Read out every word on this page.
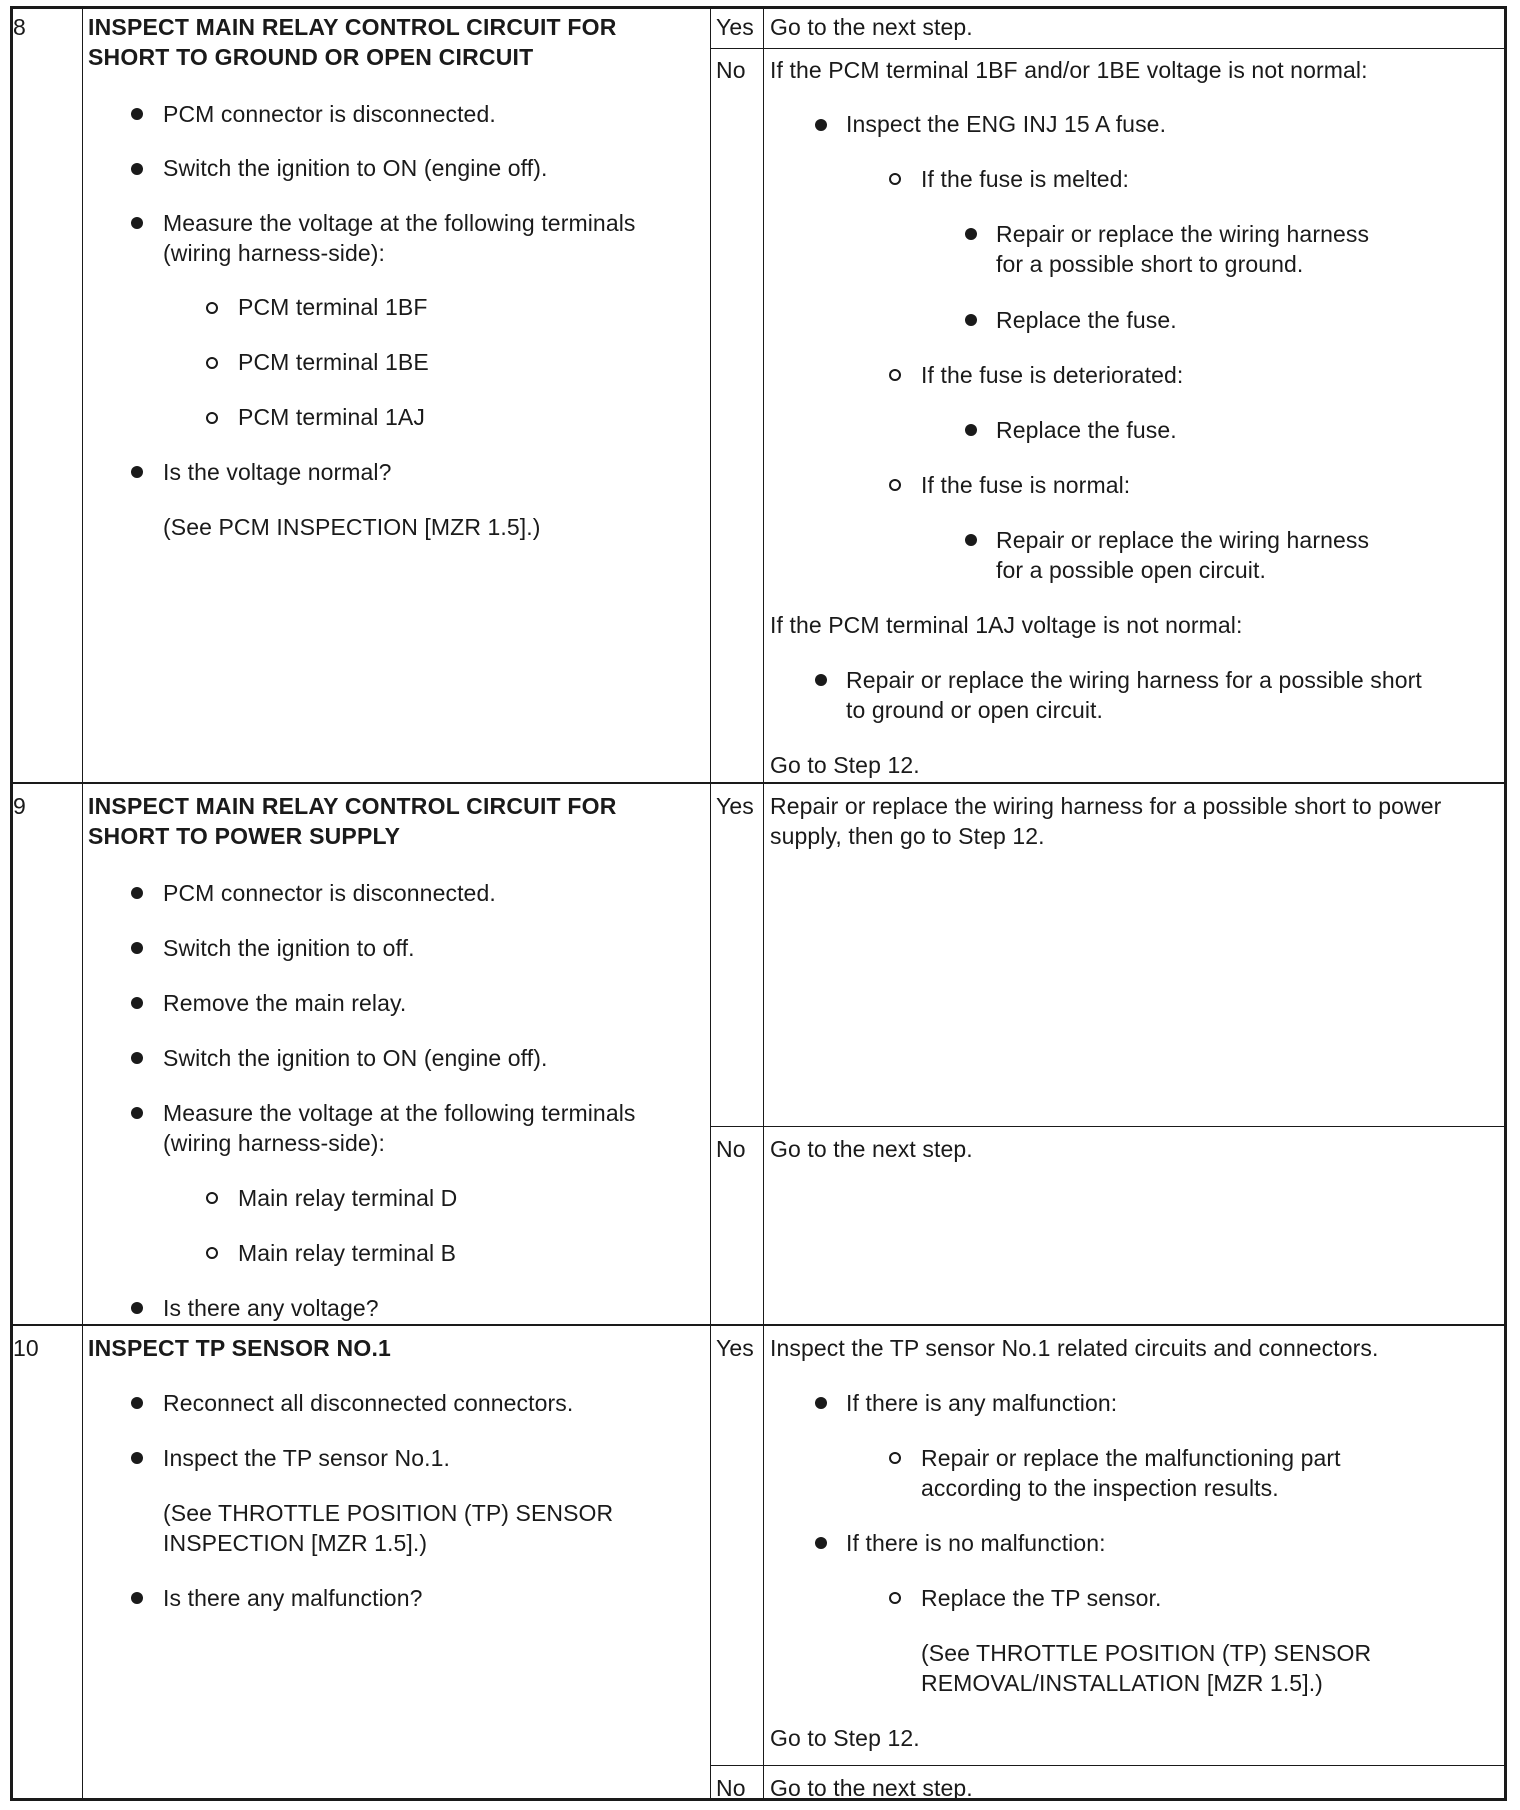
8	INSPECT MAIN RELAY CONTROL CIRCUIT FOR
SHORT TO GROUND OR OPEN CIRCUIT
PCM connector is disconnected.
Switch the ignition to ON (engine off).
Measure the voltage at the following terminals
(wiring harness-side):
PCM terminal 1BF
PCM terminal 1BE
PCM terminal 1AJ
Is the voltage normal?
(See PCM INSPECTION [MZR 1.5].)
Yes Go to the next step.
No If the PCM terminal 1BF and/or 1BE voltage is not normal:
Inspect the ENG INJ 15 A fuse.
If the fuse is melted:
Repair or replace the wiring harness
for a possible short to ground.
Replace the fuse.
If the fuse is deteriorated:
Replace the fuse.
If the fuse is normal:
Repair or replace the wiring harness
for a possible open circuit.
If the PCM terminal 1AJ voltage is not normal:
Repair or replace the wiring harness for a possible short
to ground or open circuit.
Go to Step 12.
9	INSPECT MAIN RELAY CONTROL CIRCUIT FOR
SHORT TO POWER SUPPLY
PCM connector is disconnected.
Switch the ignition to off.
Remove the main relay.
Switch the ignition to ON (engine off).
Measure the voltage at the following terminals
(wiring harness-side):
Main relay terminal D
Main relay terminal B
Is there any voltage?
Yes Repair or replace the wiring harness for a possible short to power
supply, then go to Step 12.
No Go to the next step.
10 INSPECT TP SENSOR NO.1
Reconnect all disconnected connectors.
Inspect the TP sensor No.1.
(See THROTTLE POSITION (TP) SENSOR
INSPECTION [MZR 1.5].)
Is there any malfunction?
Yes Inspect the TP sensor No.1 related circuits and connectors.
If there is any malfunction:
Repair or replace the malfunctioning part
according to the inspection results.
If there is no malfunction:
Replace the TP sensor.
(See THROTTLE POSITION (TP) SENSOR
REMOVAL/INSTALLATION [MZR 1.5].)
Go to Step 12.
No Go to the next step.
